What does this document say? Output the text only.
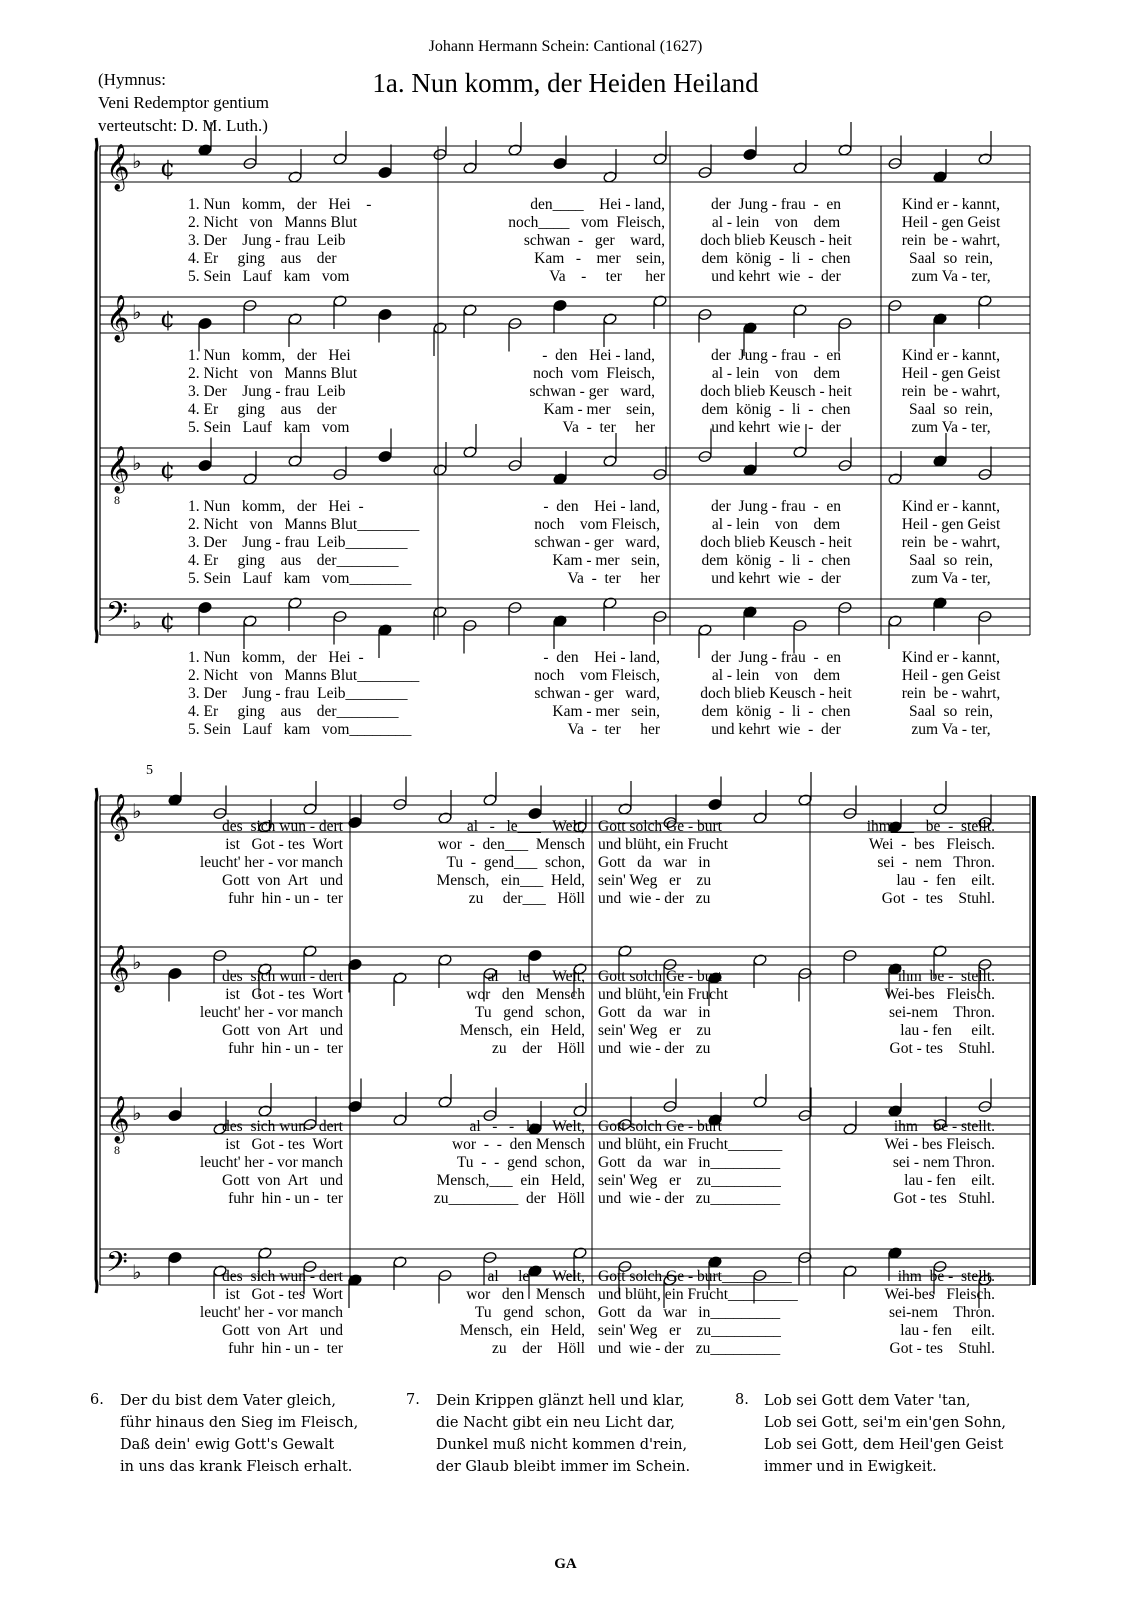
Johann Hermann Schein: Cantional (1627)
1a. Nun komm, der Heiden Heiland
(Hymnus:
Veni Redemptor gentium
verteutscht: D. M. Luth.)
𝄞 ♭ ¢
𝄞 ♭ ¢
𝄞 ♭ ¢
𝄢 ♭ ¢
𝄞 ♭
𝄞 ♭
𝄞 ♭
𝄢 ♭
8
8
5
1. Nun   komm,   der   Hei    -
2. Nicht   von   Manns Blut
3. Der    Jung - frau  Leib
4. Er     ging    aus    der
5. Sein   Lauf   kam   vom
den____    Hei - land,
noch____   vom  Fleisch,
schwan  -   ger    ward,
Kam   -    mer    sein,
Va    -     ter      her
der  Jung - frau  -  en
al - lein    von    dem
doch blieb Keusch - heit
dem  könig  -  li  -  chen
und kehrt  wie  -  der
Kind er - kannt,
Heil - gen Geist
rein  be - wahrt,
Saal  so  rein,
zum Va - ter,
1. Nun   komm,   der   Hei
2. Nicht   von   Manns Blut
3. Der    Jung - frau  Leib
4. Er     ging    aus    der
5. Sein   Lauf   kam   vom
-  den   Hei - land,
noch  vom  Fleisch,
schwan - ger   ward,
Kam - mer    sein,
Va  -  ter     her
der  Jung - frau  -  en
al - lein    von    dem
doch blieb Keusch - heit
dem  könig  -  li  -  chen
und kehrt  wie  -  der
Kind er - kannt,
Heil - gen Geist
rein  be - wahrt,
Saal  so  rein,
zum Va - ter,
1. Nun   komm,   der   Hei  -
2. Nicht   von   Manns Blut________
3. Der    Jung - frau  Leib________
4. Er     ging    aus    der________
5. Sein   Lauf   kam   vom________
-  den    Hei - land,
noch    vom Fleisch,
schwan - ger   ward,
Kam - mer   sein,
Va  -  ter     her
der  Jung - frau  -  en
al - lein    von    dem
doch blieb Keusch - heit
dem  könig  -  li  -  chen
und kehrt  wie  -  der
Kind er - kannt,
Heil - gen Geist
rein  be - wahrt,
Saal  so  rein,
zum Va - ter,
1. Nun   komm,   der   Hei  -
2. Nicht   von   Manns Blut________
3. Der    Jung - frau  Leib________
4. Er     ging    aus    der________
5. Sein   Lauf   kam   vom________
-  den    Hei - land,
noch    vom Fleisch,
schwan - ger   ward,
Kam - mer   sein,
Va  -  ter     her
der  Jung - frau  -  en
al - lein    von    dem
doch blieb Keusch - heit
dem  könig  -  li  -  chen
und kehrt  wie  -  der
Kind er - kannt,
Heil - gen Geist
rein  be - wahrt,
Saal  so  rein,
zum Va - ter,
des  sich wun - dert
ist   Got - tes  Wort
leucht' her - vor manch
Gott  von  Art   und
fuhr  hin - un -  ter
al   -   le___   Welt,
wor  -  den___  Mensch
Tu  -  gend___  schon,
Mensch,   ein___  Held,
zu     der___   Höll
Gott solch Ge - burt
und blüht, ein Frucht
Gott   da   war   in
sein' Weg   er    zu
und  wie - der   zu
ihm___   be  -  stellt.
Wei  -  bes   Fleisch.
sei  -  nem   Thron.
lau  -  fen    eilt.
Got  -  tes    Stuhl.
des  sich wun - dert
ist   Got - tes  Wort
leucht' her - vor manch
Gott  von  Art   und
fuhr  hin - un -  ter
al     le      Welt,
wor   den   Mensch
Tu   gend   schon,
Mensch,  ein   Held,
zu    der    Höll
Gott solch Ge - burt
und blüht, ein Frucht
Gott   da   war   in
sein' Weg   er    zu
und  wie - der   zu
ihm  be -  stellt.
Wei-bes   Fleisch.
sei-nem    Thron.
lau - fen     eilt.
Got - tes    Stuhl.
des  sich wun - dert
ist   Got - tes  Wort
leucht' her - vor manch
Gott  von  Art   und
fuhr  hin - un -  ter
al   -   -   le    Welt,
wor  -  -  den Mensch
Tu  -  -  gend  schon,
Mensch,___  ein   Held,
zu_________  der   Höll
Gott solch Ge - burt
und blüht, ein Frucht_______
Gott   da   war   in_________
sein' Weg   er    zu_________
und  wie - der   zu_________
ihm    be - stellt.
Wei - bes Fleisch.
sei - nem Thron.
lau - fen    eilt.
Got - tes   Stuhl.
des  sich wun - dert
ist   Got - tes  Wort
leucht' her - vor manch
Gott  von  Art   und
fuhr  hin - un -  ter
al     le      Welt,
wor   den   Mensch
Tu   gend   schon,
Mensch,  ein   Held,
zu    der    Höll
Gott solch Ge - burt_________
und blüht, ein Frucht_________
Gott   da   war   in_________
sein' Weg   er    zu_________
und  wie - der   zu_________
ihm  be -  stellt.
Wei-bes   Fleisch.
sei-nem    Thron.
lau - fen     eilt.
Got - tes    Stuhl.
6. Der du bist dem Vater gleich,
führ hinaus den Sieg im Fleisch,
Daß dein' ewig Gott's Gewalt
in uns das krank Fleisch erhalt.
7. Dein Krippen glänzt hell und klar,
die Nacht gibt ein neu Licht dar,
Dunkel muß nicht kommen d'rein,
der Glaub bleibt immer im Schein.
8. Lob sei Gott dem Vater 'tan,
Lob sei Gott, sei'm ein'gen Sohn,
Lob sei Gott, dem Heil'gen Geist
immer und in Ewigkeit.
GA
